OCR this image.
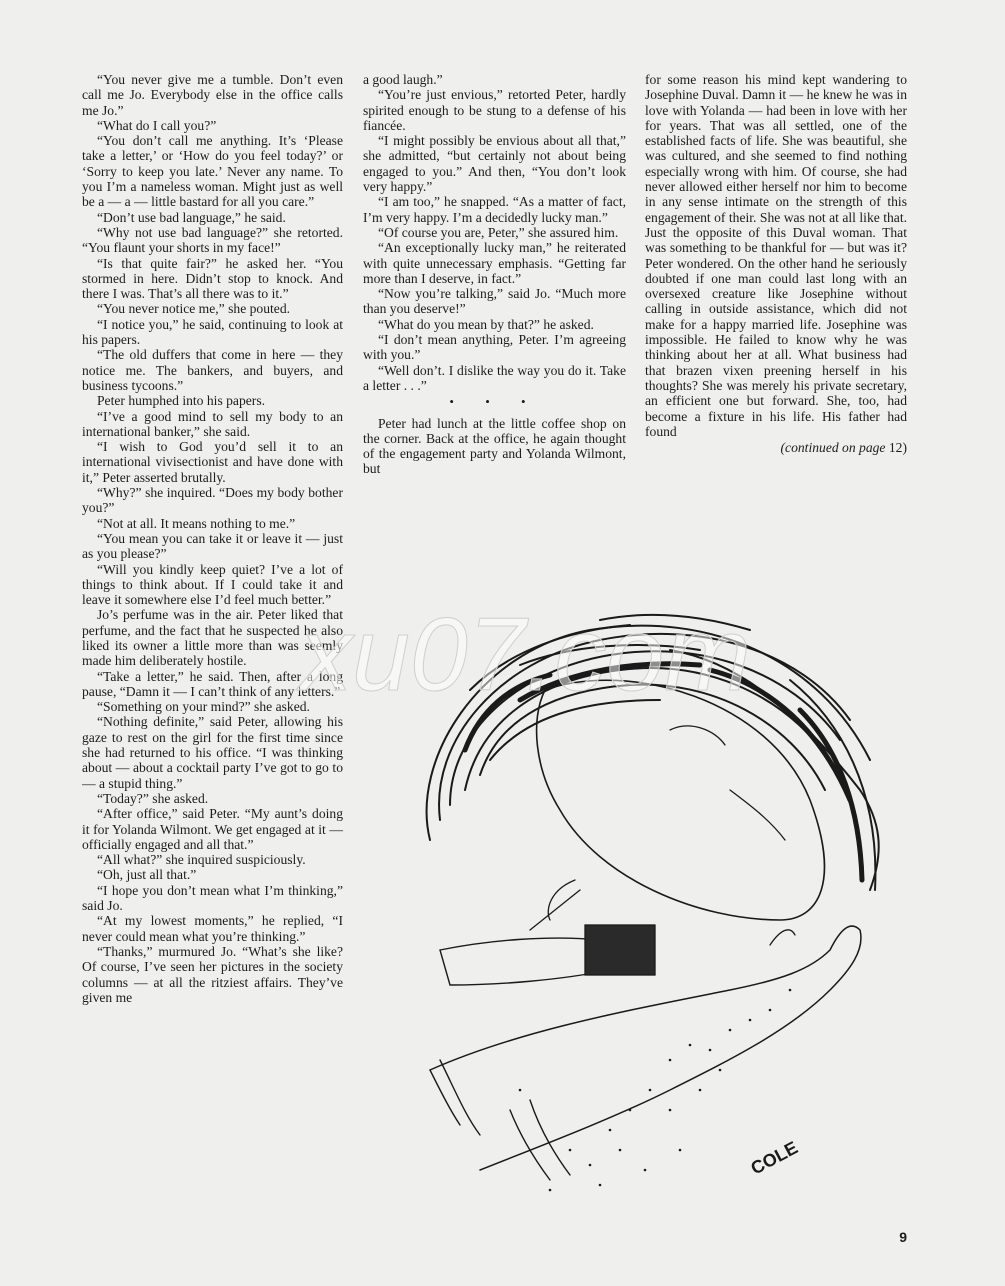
“You never give me a tumble. Don’t even call me Jo. Everybody else in the office calls me Jo.”

“What do I call you?”

“You don’t call me anything. It’s ‘Please take a letter,’ or ‘How do you feel today?’ or ‘Sorry to keep you late.’ Never any name. To you I’m a nameless woman. Might just as well be a — a — little bastard for all you care.”

“Don’t use bad language,” he said.

“Why not use bad language?” she retorted. “You flaunt your shorts in my face!”

“Is that quite fair?” he asked her. “You stormed in here. Didn’t stop to knock. And there I was. That’s all there was to it.”

“You never notice me,” she pouted.

“I notice you,” he said, continuing to look at his papers.

“The old duffers that come in here — they notice me. The bankers, and buyers, and business tycoons.”

Peter humphed into his papers.

“I’ve a good mind to sell my body to an international banker,” she said.

“I wish to God you’d sell it to an international vivisectionist and have done with it,” Peter asserted brutally.

“Why?” she inquired. “Does my body bother you?”

“Not at all. It means nothing to me.”

“You mean you can take it or leave it — just as you please?”

“Will you kindly keep quiet? I’ve a lot of things to think about. If I could take it and leave it somewhere else I’d feel much better.”

Jo’s perfume was in the air. Peter liked that perfume, and the fact that he suspected he also liked its owner a little more than was seemly made him deliberately hostile.

“Take a letter,” he said. Then, after a long pause, “Damn it — I can’t think of any letters.”

“Something on your mind?” she asked.

“Nothing definite,” said Peter, allowing his gaze to rest on the girl for the first time since she had returned to his office. “I was thinking about — about a cocktail party I’ve got to go to — a stupid thing.”

“Today?” she asked.

“After office,” said Peter. “My aunt’s doing it for Yolanda Wilmont. We get engaged at it — officially engaged and all that.”

“All what?” she inquired suspiciously.

“Oh, just all that.”

“I hope you don’t mean what I’m thinking,” said Jo.

“At my lowest moments,” he replied, “I never could mean what you’re thinking.”

“Thanks,” murmured Jo. “What’s she like? Of course, I’ve seen her pictures in the society columns — at all the ritziest affairs. They’ve given me

a good laugh.”

“You’re just envious,” retorted Peter, hardly spirited enough to be stung to a defense of his fiancée.

“I might possibly be envious about all that,” she admitted, “but certainly not about being engaged to you.” And then, “You don’t look very happy.”

“I am too,” he snapped. “As a matter of fact, I’m very happy. I’m a decidedly lucky man.”

“Of course you are, Peter,” she assured him.

“An exceptionally lucky man,” he reiterated with quite unnecessary emphasis. “Getting far more than I deserve, in fact.”

“Now you’re talking,” said Jo. “Much more than you deserve!”

“What do you mean by that?” he asked.

“I don’t mean anything, Peter. I’m agreeing with you.”

“Well don’t. I dislike the way you do it. Take a letter . . .”

• • •

Peter had lunch at the little coffee shop on the corner. Back at the office, he again thought of the engagement party and Yolanda Wilmont, but

for some reason his mind kept wandering to Josephine Duval. Damn it — he knew he was in love with Yolanda — had been in love with her for years. That was all settled, one of the established facts of life. She was beautiful, she was cultured, and she seemed to find nothing especially wrong with him. Of course, she had never allowed either herself nor him to become in any sense intimate on the strength of this engagement of their. She was not at all like that. Just the opposite of this Duval woman. That was something to be thankful for — but was it? Peter wondered. On the other hand he seriously doubted if one man could last long with an oversexed creature like Josephine without calling in outside assistance, which did not make for a happy married life. Josephine was impossible. He failed to know why he was thinking about her at all. What business had that brazen vixen preening herself in his thoughts? She was merely his private secretary, an efficient one but forward. She, too, had become a fixture in his life. His father had found

(continued on page 12)
COLE
xu07.com
9
